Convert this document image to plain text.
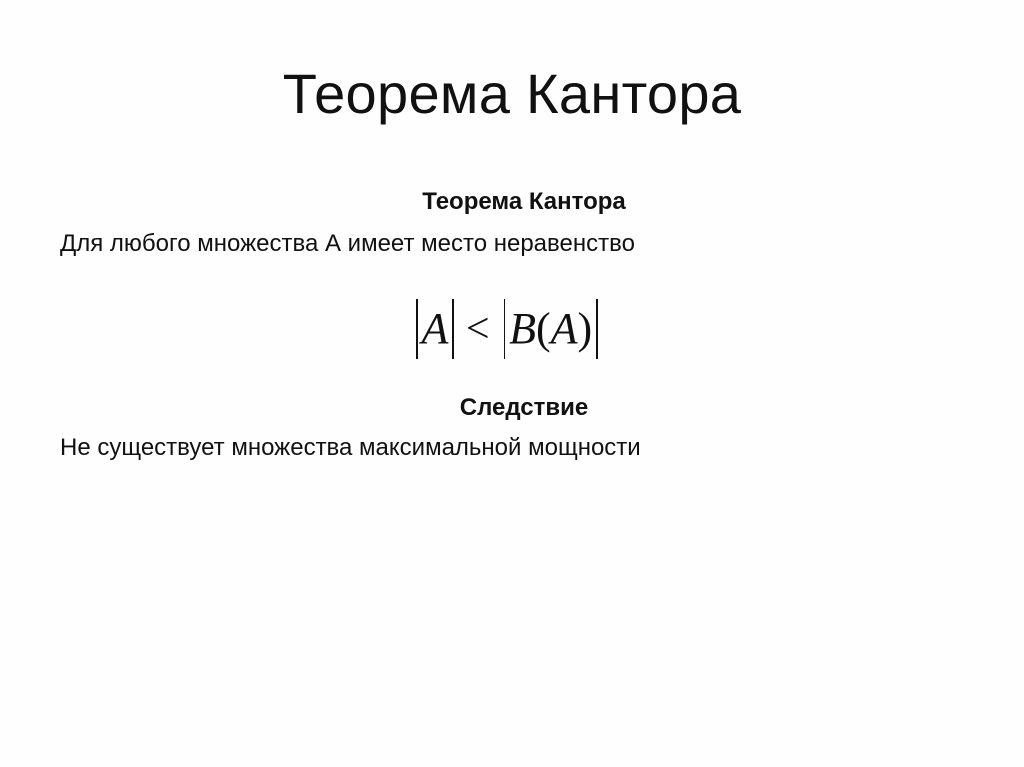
Теорема Кантора
Теорема Кантора
Для любого множества А имеет место неравенство
A < B ( A )
Следствие
Не существует множества максимальной мощности
